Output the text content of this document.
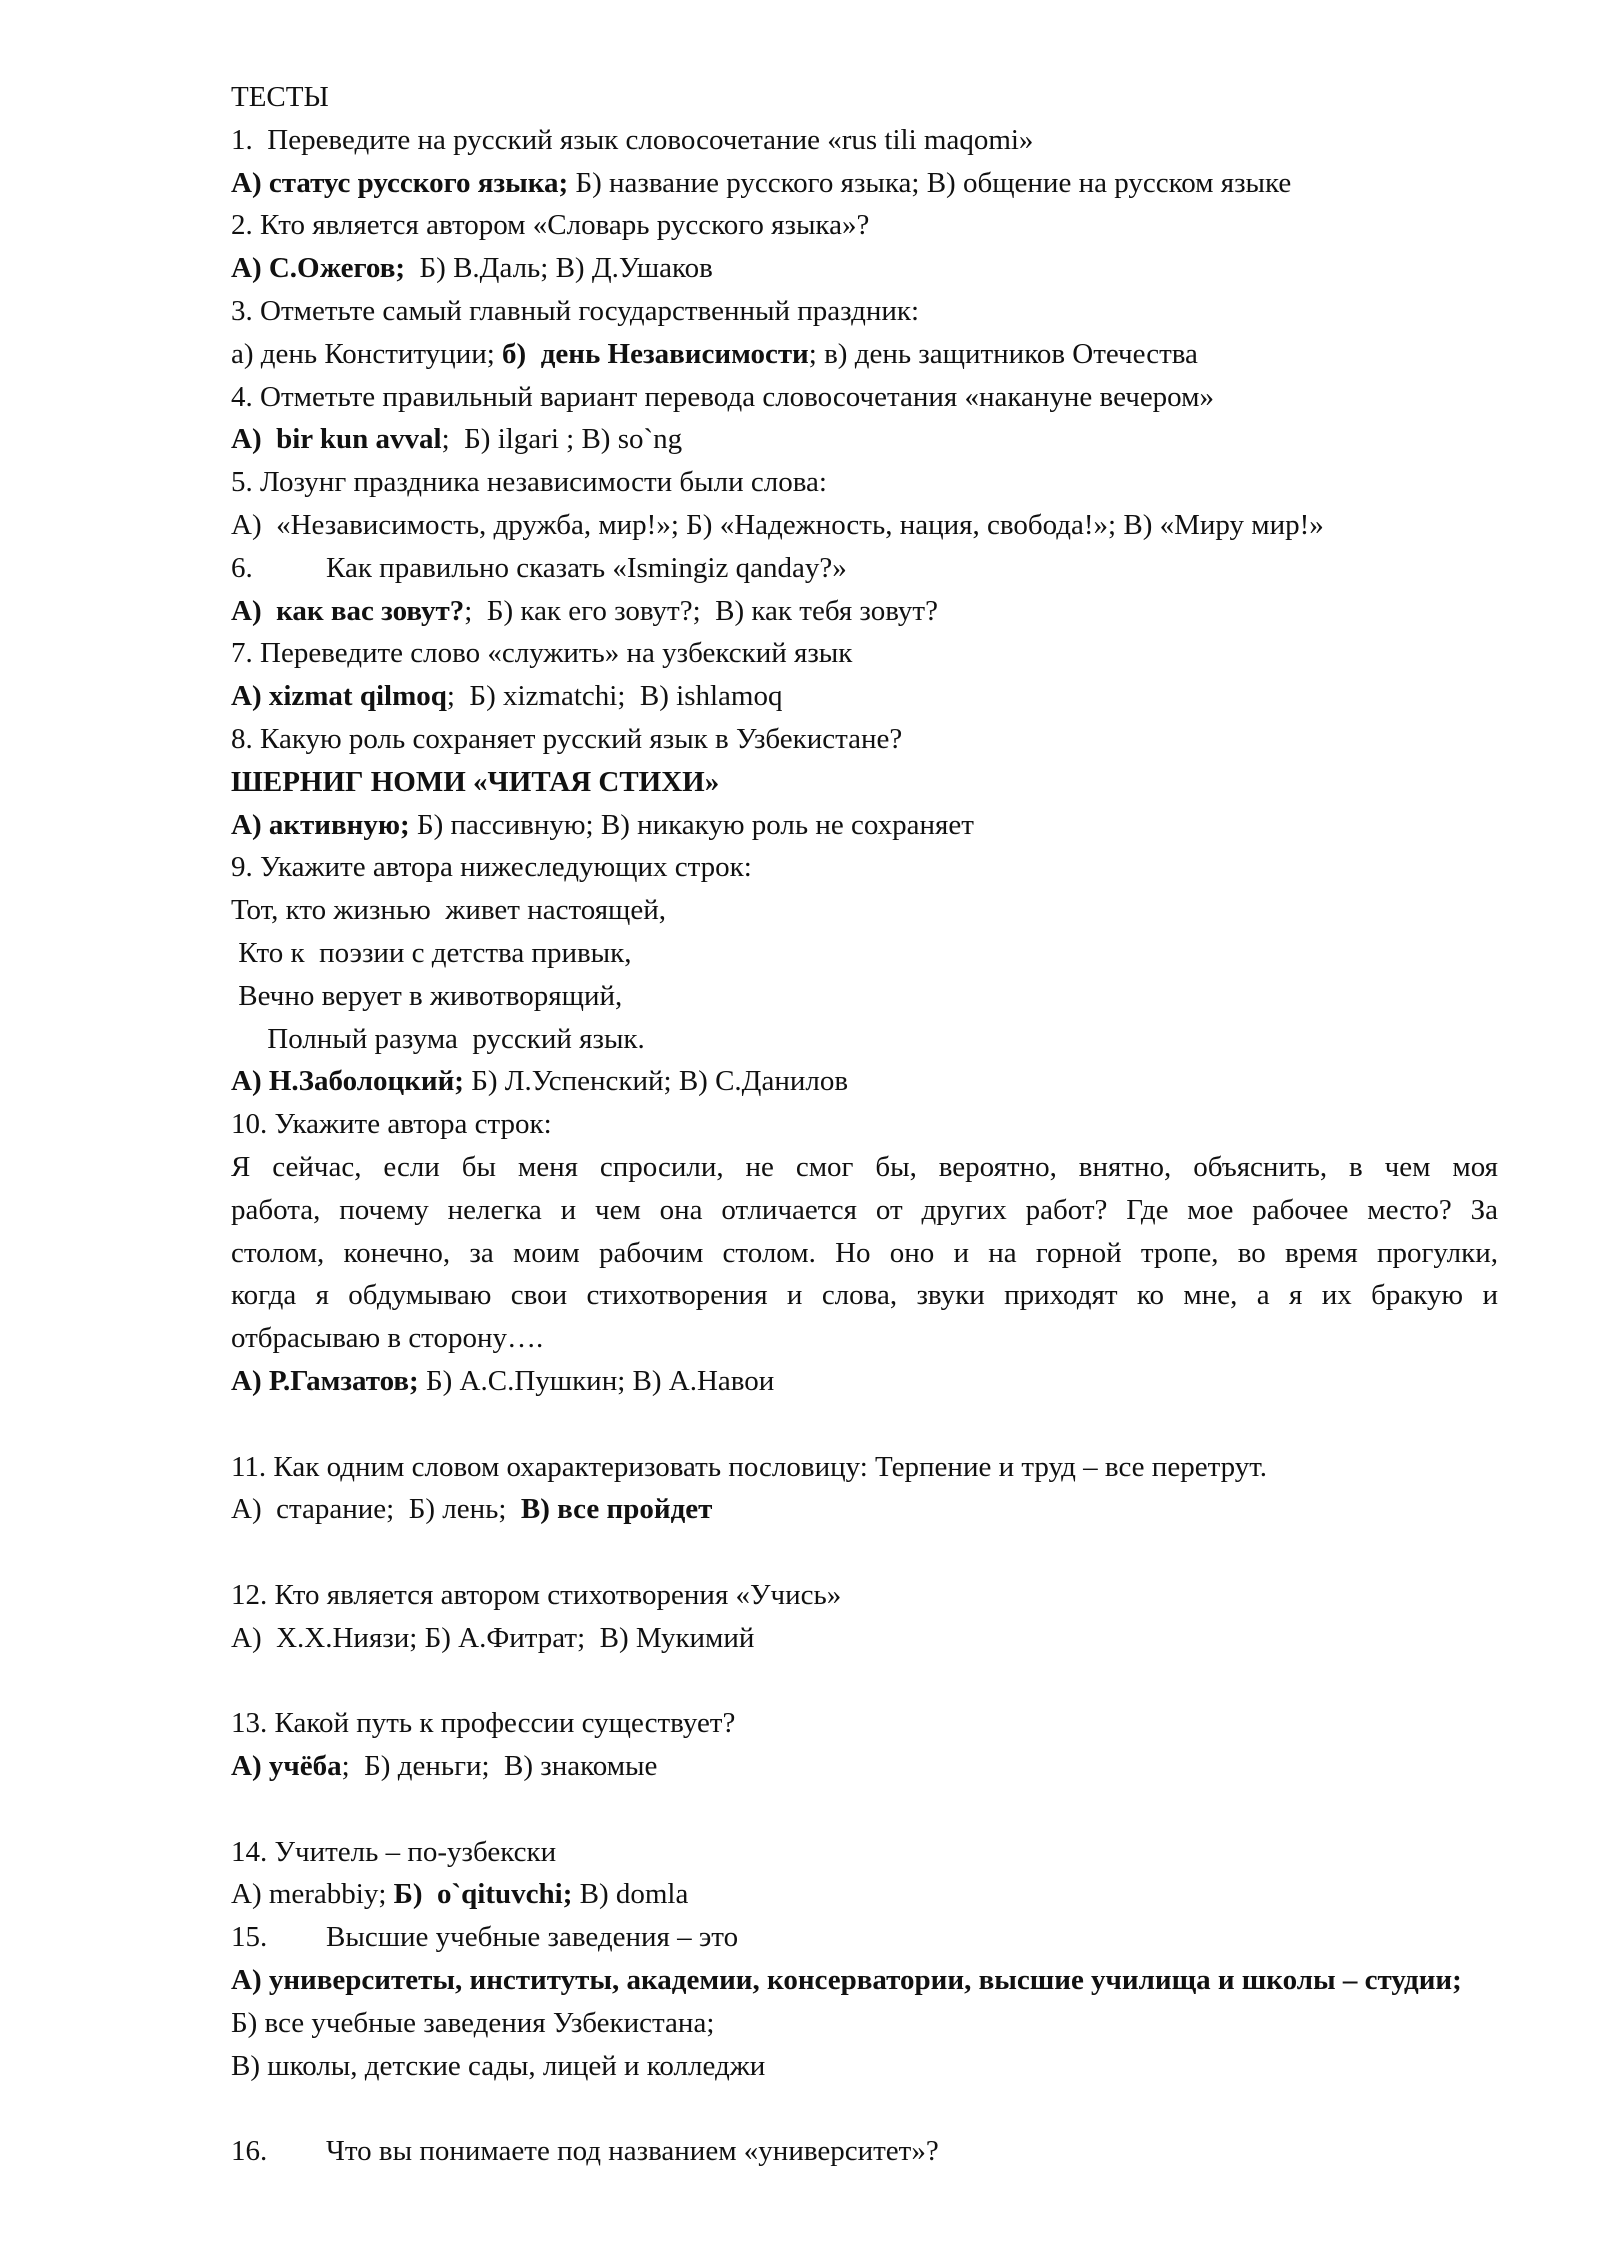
ТЕСТЫ
1.  Переведите на русский язык словосочетание «rus tili maqomi»
А) статус русского языка; Б) название русского языка; В) общение на русском языке
2. Кто является автором «Словарь русского языка»?
А) С.Ожегов;  Б) В.Даль; В) Д.Ушаков
3. Отметьте самый главный государственный праздник:
а) день Конституции; б)  день Независимости; в) день защитников Отечества
4. Отметьте правильный вариант перевода словосочетания «накануне вечером»
А)  bir kun avval;  Б) ilgari ; В) so`ng
5. Лозунг праздника независимости были слова:
А)  «Независимость, дружба, мир!»; Б) «Надежность, нация, свобода!»; В) «Миру мир!»
6.	Как правильно сказать «Ismingiz qanday?»
А)  как вас зовут?;  Б) как его зовут?;  В) как тебя зовут?
7. Переведите слово «служить» на узбекский язык
А) xizmat qilmoq;  Б) xizmatchi;  В) ishlamoq
8. Какую роль сохраняет русский язык в Узбекистане?
ШЕРНИГ НОМИ «ЧИТАЯ СТИХИ»
А) активную; Б) пассивную; В) никакую роль не сохраняет
9. Укажите автора нижеследующих строк:
Тот, кто жизнью  живет настоящей,
Кто к  поэзии с детства привык,
Вечно верует в животворящий,
Полный разума  русский язык.
А) Н.Заболоцкий; Б) Л.Успенский; В) С.Данилов
10. Укажите автора строк:
Я сейчас, если бы меня спросили, не смог бы, вероятно, внятно, объяснить, в чем моя
работа, почему нелегка и чем она отличается от других работ? Где мое рабочее место? За
столом, конечно, за моим рабочим столом. Но оно и на горной тропе, во время прогулки,
когда я обдумываю свои стихотворения и слова, звуки приходят ко мне, а я их бракую и
отбрасываю в сторону….
А) Р.Гамзатов; Б) А.С.Пушкин; В) А.Навои
11. Как одним словом охарактеризовать пословицу: Терпение и труд – все перетрут.
А)  старание;  Б) лень;  В) все пройдет
12. Кто является автором стихотворения «Учись»
А)  Х.Х.Ниязи; Б) А.Фитрат;  В) Мукимий
13. Какой путь к профессии существует?
А) учёба;  Б) деньги;  В) знакомые
14. Учитель – по-узбекски
А) merabbiy; Б)  o`qituvchi; В) domla
15. Высшие учебные заведения – это
А) университеты, институты, академии, консерватории, высшие училища и школы – студии;
Б) все учебные заведения Узбекистана;
В) школы, детские сады, лицей и колледжи
16. Что вы понимаете под названием «университет»?
